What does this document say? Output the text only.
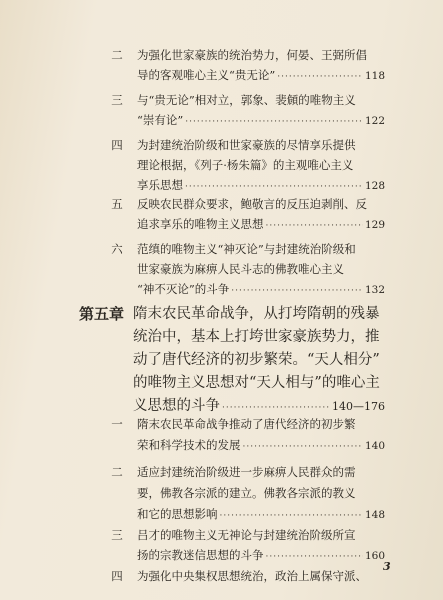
二 为强化世家豪族的统治势力，何晏、王弼所倡
导的客观唯心主义“贵无论” ·····	118
三 与“贵无论”相对立，郭象、裴頠的唯物主义
“崇有论” ·····	122
四 为封建统治阶级和世家豪族的尽情享乐提供
理论根据，《列子·杨朱篇》的主观唯心主义
享乐思想 ·····	128
五 反映农民群众要求，鲍敬言的反压迫剥削、反
追求享乐的唯物主义思想 ·····	129
六 范缜的唯物主义“神灭论”与封建统治阶级和
世家豪族为麻痹人民斗志的佛教唯心主义
“神不灭论”的斗争 ·····	132
第五章 隋末农民革命战争，从打垮隋朝的残暴
统治中，基本上打垮世家豪族势力，推
动了唐代经济的初步繁荣。“天人相分”
的唯物主义思想对“天人相与”的唯心主
义思想的斗争 ·····	140—176
一 隋末农民革命战争推动了唐代经济的初步繁
荣和科学技术的发展 ·····	140
二 适应封建统治阶级进一步麻痹人民群众的需
要，佛教各宗派的建立。佛教各宗派的教义
和它的思想影响 ·····	148
三 吕才的唯物主义无神论与封建统治阶级所宣
扬的宗教迷信思想的斗争 ·····	160
四 为强化中央集权思想统治，政治上属保守派、
3
